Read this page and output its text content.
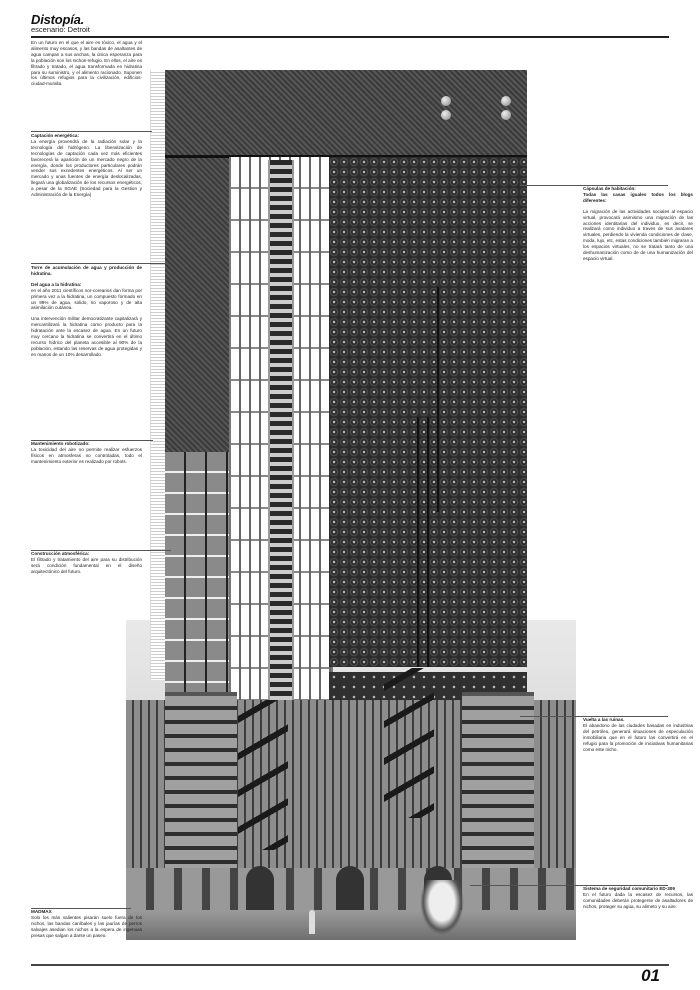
Distopía.
escenario: Detroit
En un futuro en el que el aire es tóxico, el agua y el alimento muy escasos, y las bandas de asaltantes de agua campan a sus anchas, la única esperanza para la población son los nichos-refugio. En ellos, el aire es filtrado y tratado, el agua transformada en hidratina para su suministro, y el alimento racionado. Suponen los últimos refugios para la civilización, edificios-ciudad-muralla.
Captación energética:
La energía provendrá de la radiación solar y la tecnología del hidrógeno. La liberalización de tecnologías de captación cada vez más eficientes favorecerá la aparición de un mercado negro de la energía, donde los productores particulares podrán vender sus excedentes energéticos. Al ser un mercado y unas fuentes de energía deslocalizadas, llegará una globalización de los recursos energéticos, a pesar de la SGAE (Sociedad para la Gestion y Administración de la Energía)

Torre de acumulación de agua y producción de hidratina.

Del agua a la hidratina:

en el año 2011 científicos nor-coreanos dan forma por primera vez a la hidratina, un compuesto formado en un 99% de agua, solido, no vaporoso y de alta asimilación cutánea.

Una intervención militar democratizante capitalizará y mercantilizará la hidratina como producto para la hidratación ante la escasez de agua. En un futuro muy cercano la hidratina se convertirá en el último recurso hídrico del planeta accesible al 90% de la población, estando las reservas de agua protegidas y en manos de un 10% desarrollado.

Mantenimiento robotizado:
La toxicidad del aire no permite realizar esfuerzos físicos en atmosferas no controladas, todo el mantenimiento exterior es realizado por robots.
Construcción atmosférica:
El filtrado y tratamiento del aire para su distribución será condición fundamental en el diseño arquitectónico del futuro.
MADMAX
Solo los más valientes pisarán suelo fuera de los nichos, las bandas caníbales y las jaurías de perros salvajes asedian los nichos a la espera de ingenuas presas que salgan a darse un paseo.
Cápsulas de habitación:

Todas las casas iguales todos los blogs diferentes:

La migración de las actividades sociales al espacio virtual, provocará asimismo una migración de las acciones identitarias del individuo, es decir, se realizará como individuo a traves de sus avatares virtuales, perdiendo la vivienda condiciones de clase, moda, lujo, etc, estas condiciones también migraran a los espacios virtuales, no se tratará tanto de una deshumanización como de de una humanización del espacio virtual.
Vuelta a las ruinas.
El abandono de las ciudades basadas en industrias del petróleo, generará situaciones de especulación inmobiliaria que en el futuro las convertirá en el refugio para la promoción de iniciativas humanitarias como este nicho.
Sistema de seguridad comunitario ED-309
En el futuro dada la escasez de recursos, las comunidades deberán protegerse de asaltadores de nichos, proteger su agua, su alimeto y su aire.
01
